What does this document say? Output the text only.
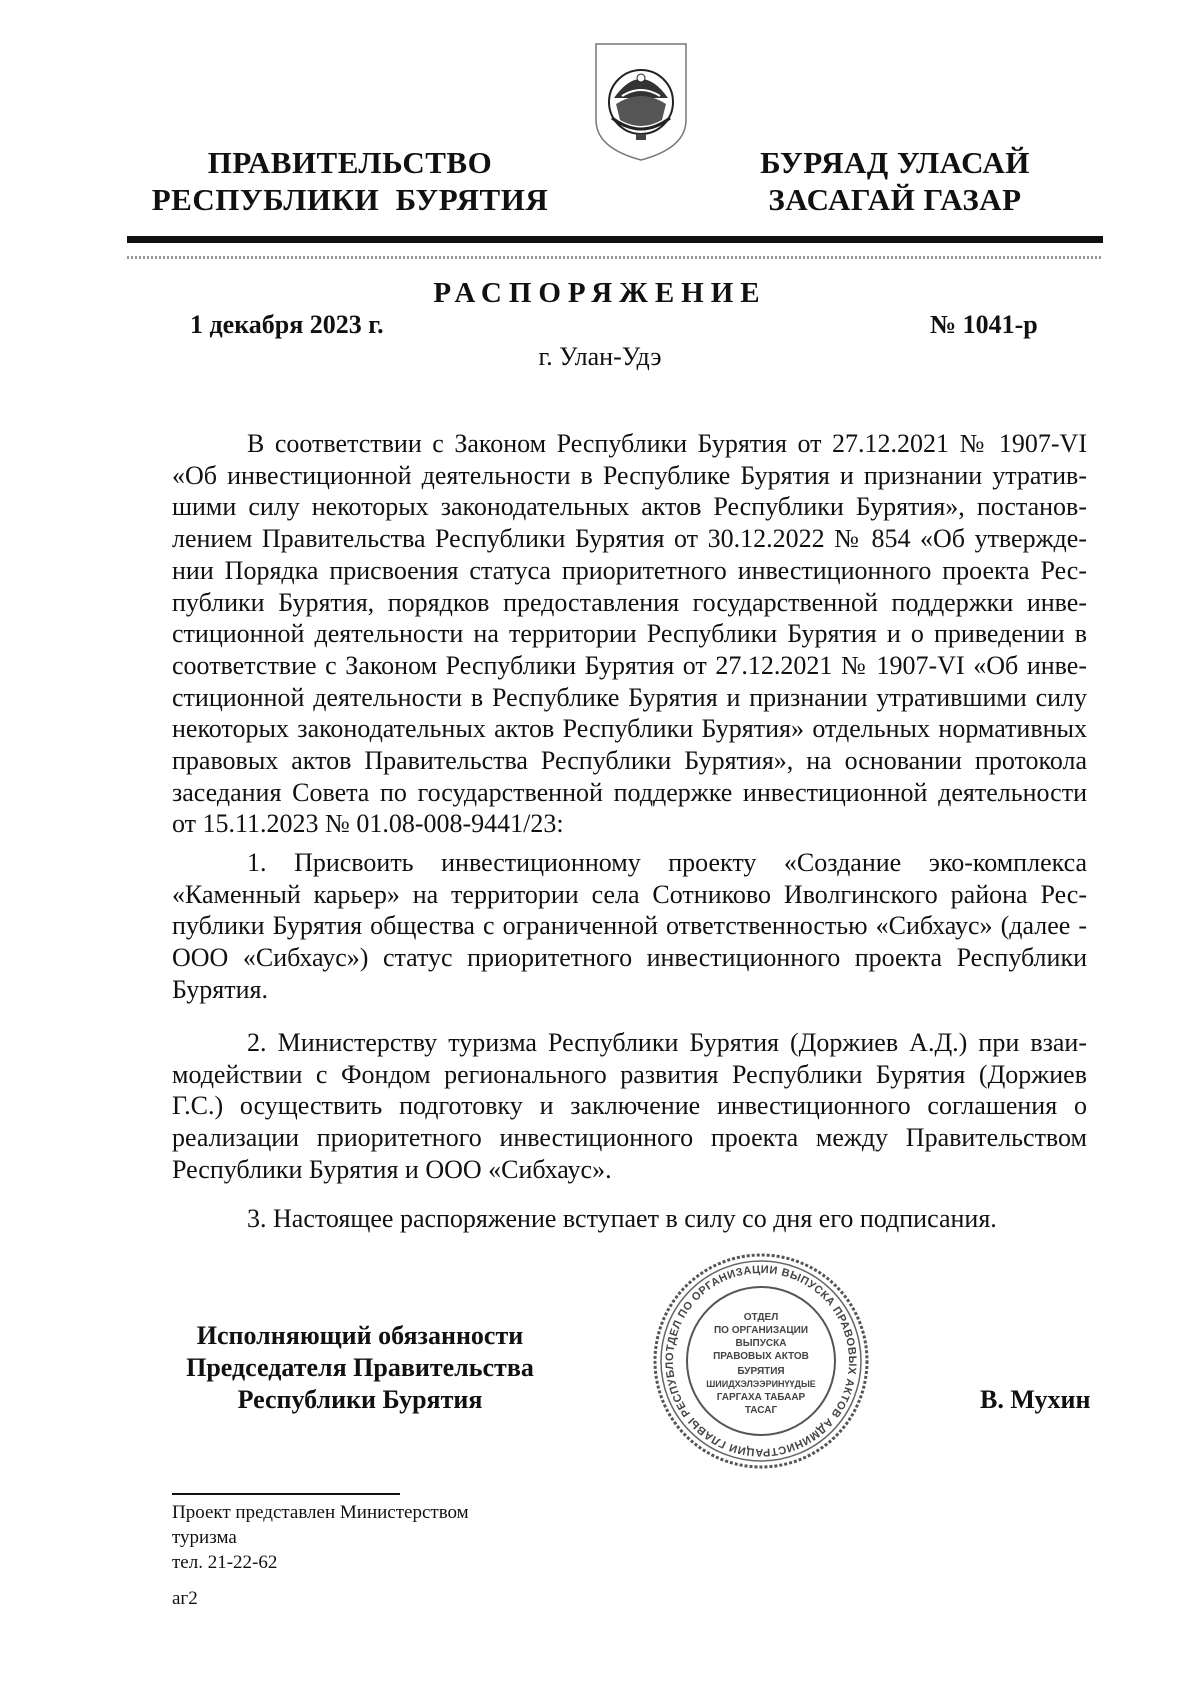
ПРАВИТЕЛЬСТВО
РЕСПУБЛИКИ  БУРЯТИЯ
БУРЯАД УЛАСАЙ
ЗАСАГАЙ ГАЗАР
РАСПОРЯЖЕНИЕ
1 декабря 2023 г.	№ 1041-р
г. Улан-Удэ
В соответствии с Законом Республики Бурятия от 27.12.2021 № 1907-VI «Об инвестиционной деятельности в Республике Бурятия и признании утратившими силу некоторых законодательных актов Республики Бурятия», постановлением Правительства Республики Бурятия от 30.12.2022 № 854 «Об утверждении Порядка присвоения статуса приоритетного инвестиционного проекта Республики Бурятия, порядков предоставления государственной поддержки инвестиционной деятельности на территории Республики Бурятия и о приведении в соответствие с Законом Республики Бурятия от 27.12.2021 № 1907-VI «Об инвестиционной деятельности в Республике Бурятия и признании утратившими силу некоторых законодательных актов Республики Бурятия» отдельных нормативных правовых актов Правительства Республики Бурятия», на основании протокола заседания Совета по государственной поддержке инвестиционной деятельности от 15.11.2023 № 01.08-008-9441/23:
1. Присвоить инвестиционному проекту «Создание эко-комплекса «Каменный карьер» на территории села Сотниково Иволгинского района Республики Бурятия общества с ограниченной ответственностью «Сибхаус» (далее - ООО «Сибхаус») статус приоритетного инвестиционного проекта Республики Бурятия.
2. Министерству туризма Республики Бурятия (Доржиев А.Д.) при взаимодействии с Фондом регионального развития Республики Бурятия (Доржиев Г.С.) осуществить подготовку и заключение инвестиционного соглашения о реализации приоритетного инвестиционного проекта между Правительством Республики Бурятия и ООО «Сибхаус».
3. Настоящее распоряжение вступает в силу со дня его подписания.
Исполняющий обязанности
Председателя Правительства
Республики Бурятия
ОТДЕЛ ПО ОРГАНИЗАЦИИ ВЫПУСКА ПРАВОВЫХ АКТОВ АДМИНИСТРАЦИИ ГЛАВЫ РЕСПУБЛ
ОТДЕЛ
ПО ОРГАНИЗАЦИИ
ВЫПУСКА
ПРАВОВЫХ АКТОВ
БУРЯТИЯ
ШИИДХЭЛЭЭРИНҮҮДЫЕ
ГАРГАХА ТАБААР
ТАСАГ	В. Мухин
Проект представлен Министерством
туризма
тел. 21-22-62
аг2
